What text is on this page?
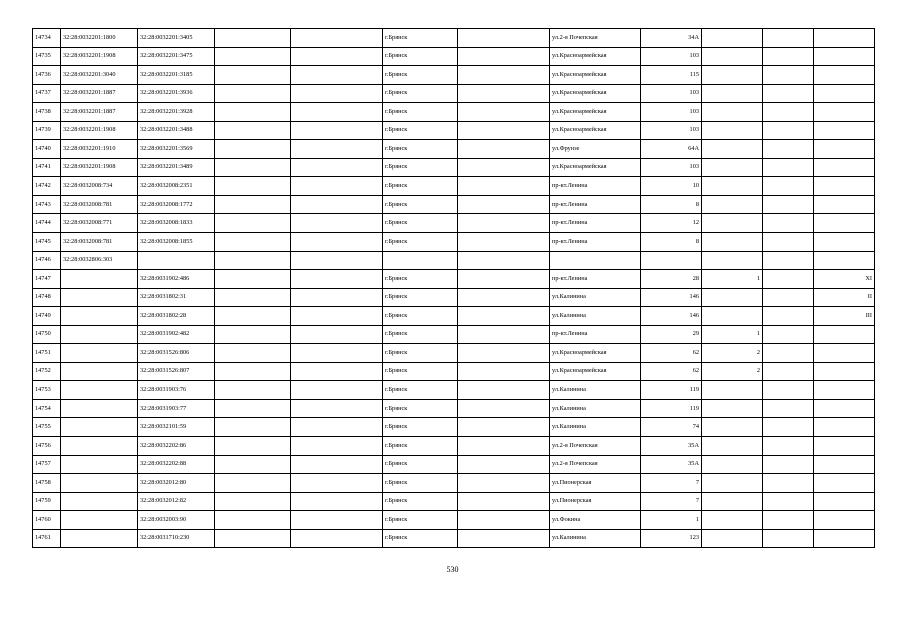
14734	32:28:0032201:1800	32:28:0032201:3405			г.Брянск		ул.2-я Почепская	34А			
14735	32:28:0032201:1908	32:28:0032201:3475			г.Брянск		ул.Красноармейская	103			
14736	32:28:0032201:3040	32:28:0032201:3185			г.Брянск		ул.Красноармейская	115			
14737	32:28:0032201:1887	32:28:0032201:3936			г.Брянск		ул.Красноармейская	103			
14738	32:28:0032201:1887	32:28:0032201:3928			г.Брянск		ул.Красноармейская	103			
14739	32:28:0032201:1908	32:28:0032201:3488			г.Брянск		ул.Красноармейская	103			
14740	32:28:0032201:1910	32:28:0032201:3569			г.Брянск		ул.Фрунзе	64А			
14741	32:28:0032201:1908	32:28:0032201:3489			г.Брянск		ул.Красноармейская	103			
14742	32:28:0032008:734	32:28:0032008:2351			г.Брянск		пр-кт.Ленина	10			
14743	32:28:0032008:781	32:28:0032008:1772			г.Брянск		пр-кт.Ленина	8			
14744	32:28:0032008:771	32:28:0032008:1833			г.Брянск		пр-кт.Ленина	12			
14745	32:28:0032008:781	32:28:0032008:1855			г.Брянск		пр-кт.Ленина	8			
14746	32:28:0032806:303										
14747		32:28:0031902:486			г.Брянск		пр-кт.Ленина	28	1		XI
14748		32:28:0031802:31			г.Брянск		ул.Калинина	146			II
14749		32:28:0031802:28			г.Брянск		ул.Калинина	146			III
14750		32:28:0031902:482			г.Брянск		пр-кт.Ленина	29	1		
14751		32:28:0031526:806			г.Брянск		ул.Красноармейская	62	2		
14752		32:28:0031526:807			г.Брянск		ул.Красноармейская	62	2		
14753		32:28:0031903:76			г.Брянск		ул.Калинина	119			
14754		32:28:0031903:77			г.Брянск		ул.Калинина	119			
14755		32:28:0032101:59			г.Брянск		ул.Калинина	74			
14756		32:28:0032202:86			г.Брянск		ул.2-я Почепская	35А			
14757		32:28:0032202:88			г.Брянск		ул.2-я Почепская	35А			
14758		32:28:0032012:80			г.Брянск		ул.Пионерская	7			
14759		32:28:0032012:82			г.Брянск		ул.Пионерская	7			
14760		32:28:0032003:90			г.Брянск		ул.Фокина	1			
14761		32:28:0031710:230			г.Брянск		ул.Калинина	123			
530
